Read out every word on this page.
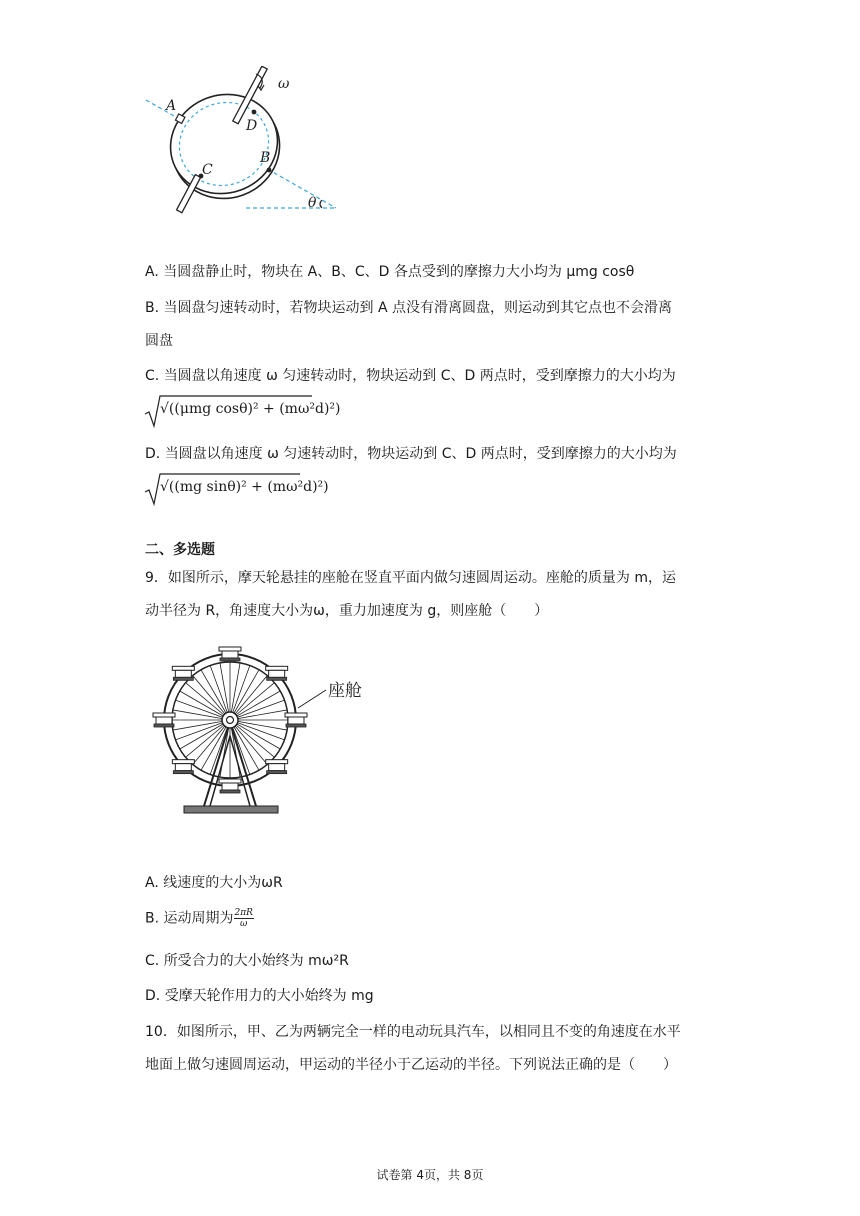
A
B
C
D
ω
θ
A. 当圆盘静止时，物块在 A、B、C、D 各点受到的摩擦力大小均为 μmg cosθ
B. 当圆盘匀速转动时，若物块运动到 A 点没有滑离圆盘，则运动到其它点也不会滑离
圆盘
C. 当圆盘以角速度 ω 匀速转动时，物块运动到 C、D 两点时，受到摩擦力的大小均为
√((μmg cosθ)² + (mω²d)²)
D. 当圆盘以角速度 ω 匀速转动时，物块运动到 C、D 两点时，受到摩擦力的大小均为
√((mg sinθ)² + (mω²d)²)
二、多选题
9．如图所示，摩天轮悬挂的座舱在竖直平面内做匀速圆周运动。座舱的质量为 m，运
动半径为 R，角速度大小为ω，重力加速度为 g，则座舱（　　）
座舱
A. 线速度的大小为ωR
B. 运动周期为 $\frac{2\pi R}{\omega}$
C. 所受合力的大小始终为 mω²R
D. 受摩天轮作用力的大小始终为 mg
10．如图所示，甲、乙为两辆完全一样的电动玩具汽车，以相同且不变的角速度在水平
地面上做匀速圆周运动，甲运动的半径小于乙运动的半径。下列说法正确的是（　　）
试卷第 4页，共 8页
